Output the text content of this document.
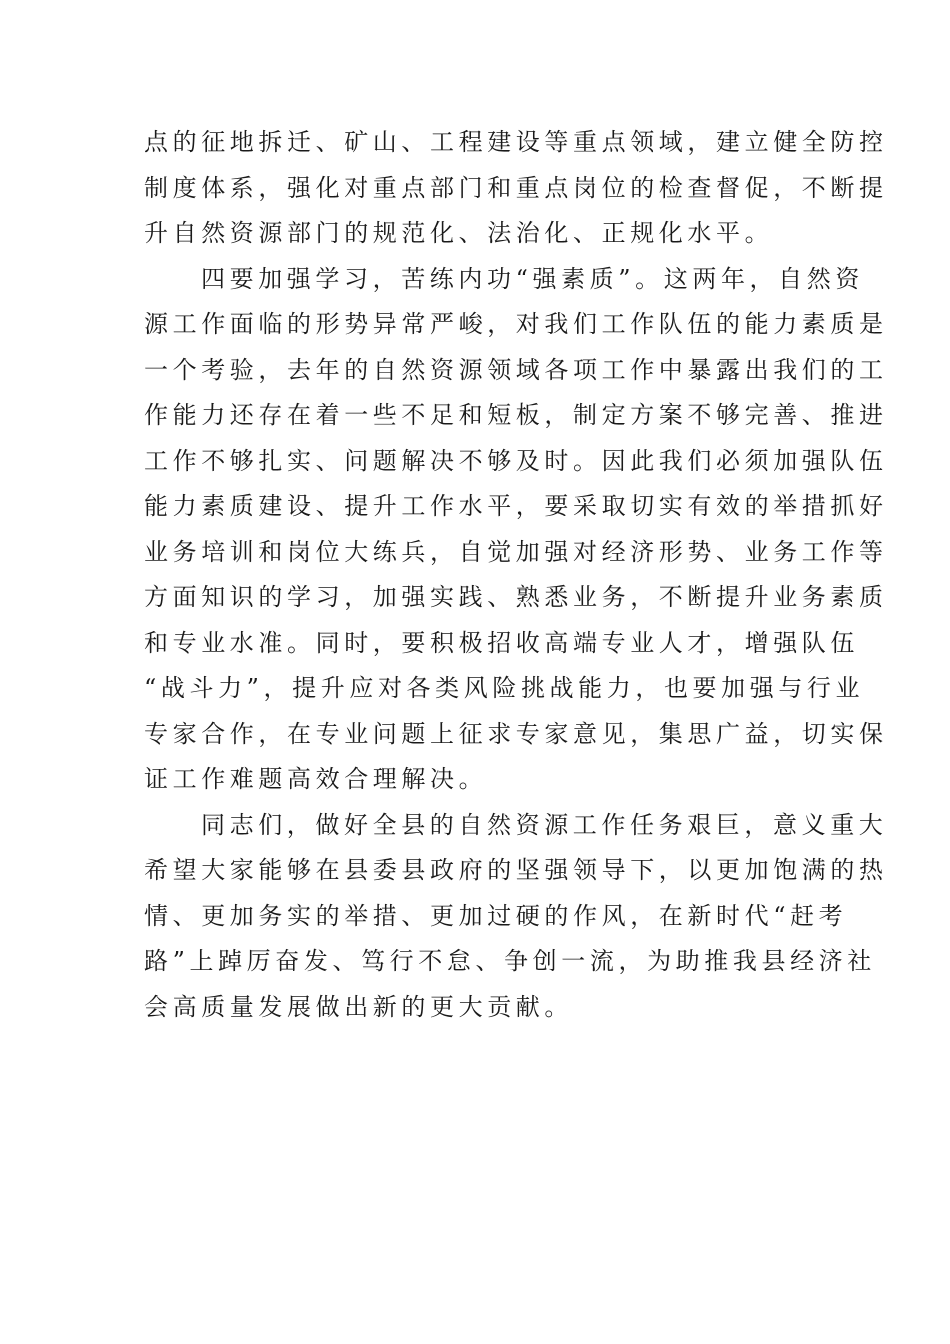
点的征地拆迁、矿山、工程建设等重点领域，建立健全防控
制度体系，强化对重点部门和重点岗位的检查督促，不断提
升自然资源部门的规范化、法治化、正规化水平。
四要加强学习，苦练内功“强素质”。这两年，自然资
源工作面临的形势异常严峻，对我们工作队伍的能力素质是
一个考验，去年的自然资源领域各项工作中暴露出我们的工
作能力还存在着一些不足和短板，制定方案不够完善、推进
工作不够扎实、问题解决不够及时。因此我们必须加强队伍
能力素质建设、提升工作水平，要采取切实有效的举措抓好
业务培训和岗位大练兵，自觉加强对经济形势、业务工作等
方面知识的学习，加强实践、熟悉业务，不断提升业务素质
和专业水准。同时，要积极招收高端专业人才，增强队伍
“战斗力”，提升应对各类风险挑战能力，也要加强与行业
专家合作，在专业问题上征求专家意见，集思广益，切实保
证工作难题高效合理解决。
同志们，做好全县的自然资源工作任务艰巨，意义重大
希望大家能够在县委县政府的坚强领导下，以更加饱满的热
情、更加务实的举措、更加过硬的作风，在新时代“赶考
路”上踔厉奋发、笃行不怠、争创一流，为助推我县经济社
会高质量发展做出新的更大贡献。
